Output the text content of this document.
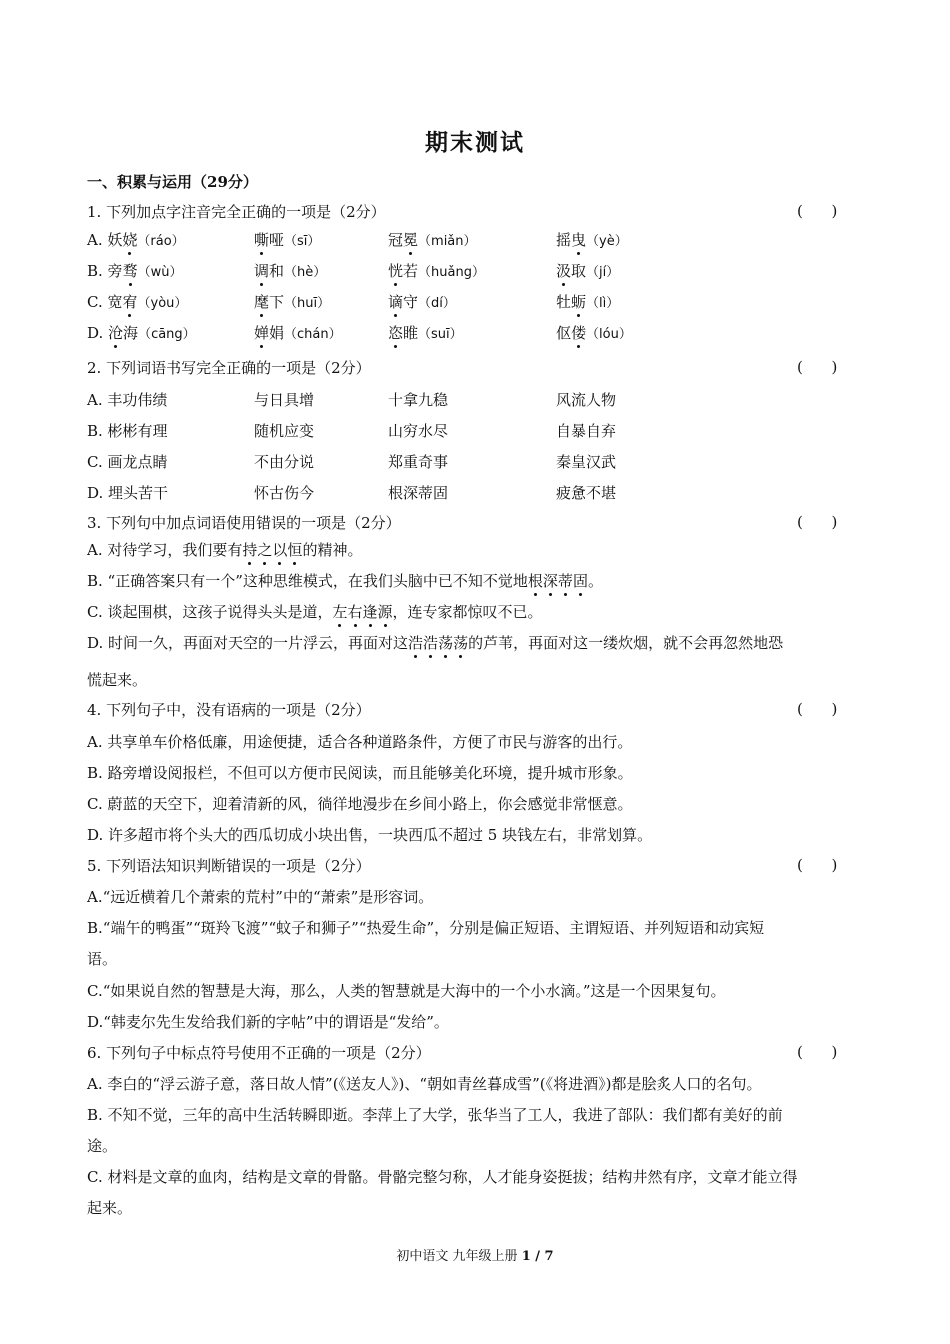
期末测试
一、积累与运用（29分）
1. 下列加点字注音完全正确的一项是（2分）	(      )
A. 妖娆（ráo）	嘶哑（sī）	冠冕（miǎn）	摇曳（yè）
B. 旁骛（wù）	调和（hè）	恍若（huǎng）	汲取（jí）
C. 宽宥（yòu）	麾下（huī）	谪守（dí）	牡蛎（lì）
D. 沧海（cāng）	婵娟（chán）	恣睢（suī）	伛偻（lóu）
2. 下列词语书写完全正确的一项是（2分）	(      )
A. 丰功伟绩	与日具增	十拿九稳	风流人物
B. 彬彬有理	随机应变	山穷水尽	自暴自弃
C. 画龙点睛	不由分说	郑重奇事	秦皇汉武
D. 埋头苦干	怀古伤今	根深蒂固	疲惫不堪
3. 下列句中加点词语使用错误的一项是（2分）	(      )
A. 对待学习，我们要有持之以恒的精神。
B. “正确答案只有一个”这种思维模式，在我们头脑中已不知不觉地根深蒂固。
C. 谈起围棋，这孩子说得头头是道，左右逢源，连专家都惊叹不已。
D. 时间一久，再面对天空的一片浮云，再面对这浩浩荡荡的芦苇，再面对这一缕炊烟，就不会再忽然地恐
慌起来。
4. 下列句子中，没有语病的一项是（2分）	(      )
A. 共享单车价格低廉，用途便捷，适合各种道路条件，方便了市民与游客的出行。
B. 路旁增设阅报栏，不但可以方便市民阅读，而且能够美化环境，提升城市形象。
C. 蔚蓝的天空下，迎着清新的风，徜徉地漫步在乡间小路上，你会感觉非常惬意。
D. 许多超市将个头大的西瓜切成小块出售，一块西瓜不超过 5 块钱左右，非常划算。
5. 下列语法知识判断错误的一项是（2分）	(      )
A.“远近横着几个萧索的荒村”中的“萧索”是形容词。
B.“端午的鸭蛋”“斑羚飞渡”“蚊子和狮子”“热爱生命”，分别是偏正短语、主谓短语、并列短语和动宾短
语。
C.“如果说自然的智慧是大海，那么，人类的智慧就是大海中的一个小水滴。”这是一个因果复句。
D.“韩麦尔先生发给我们新的字帖”中的谓语是“发给”。
6. 下列句子中标点符号使用不正确的一项是（2分）	(      )
A. 李白的“浮云游子意，落日故人情”(《送友人》)、“朝如青丝暮成雪”(《将进酒》)都是脍炙人口的名句。
B. 不知不觉，三年的高中生活转瞬即逝。李萍上了大学，张华当了工人，我进了部队：我们都有美好的前
途。
C. 材料是文章的血肉，结构是文章的骨骼。骨骼完整匀称，人才能身姿挺拔；结构井然有序，文章才能立得
起来。
初中语文 九年级上册 1 / 7
